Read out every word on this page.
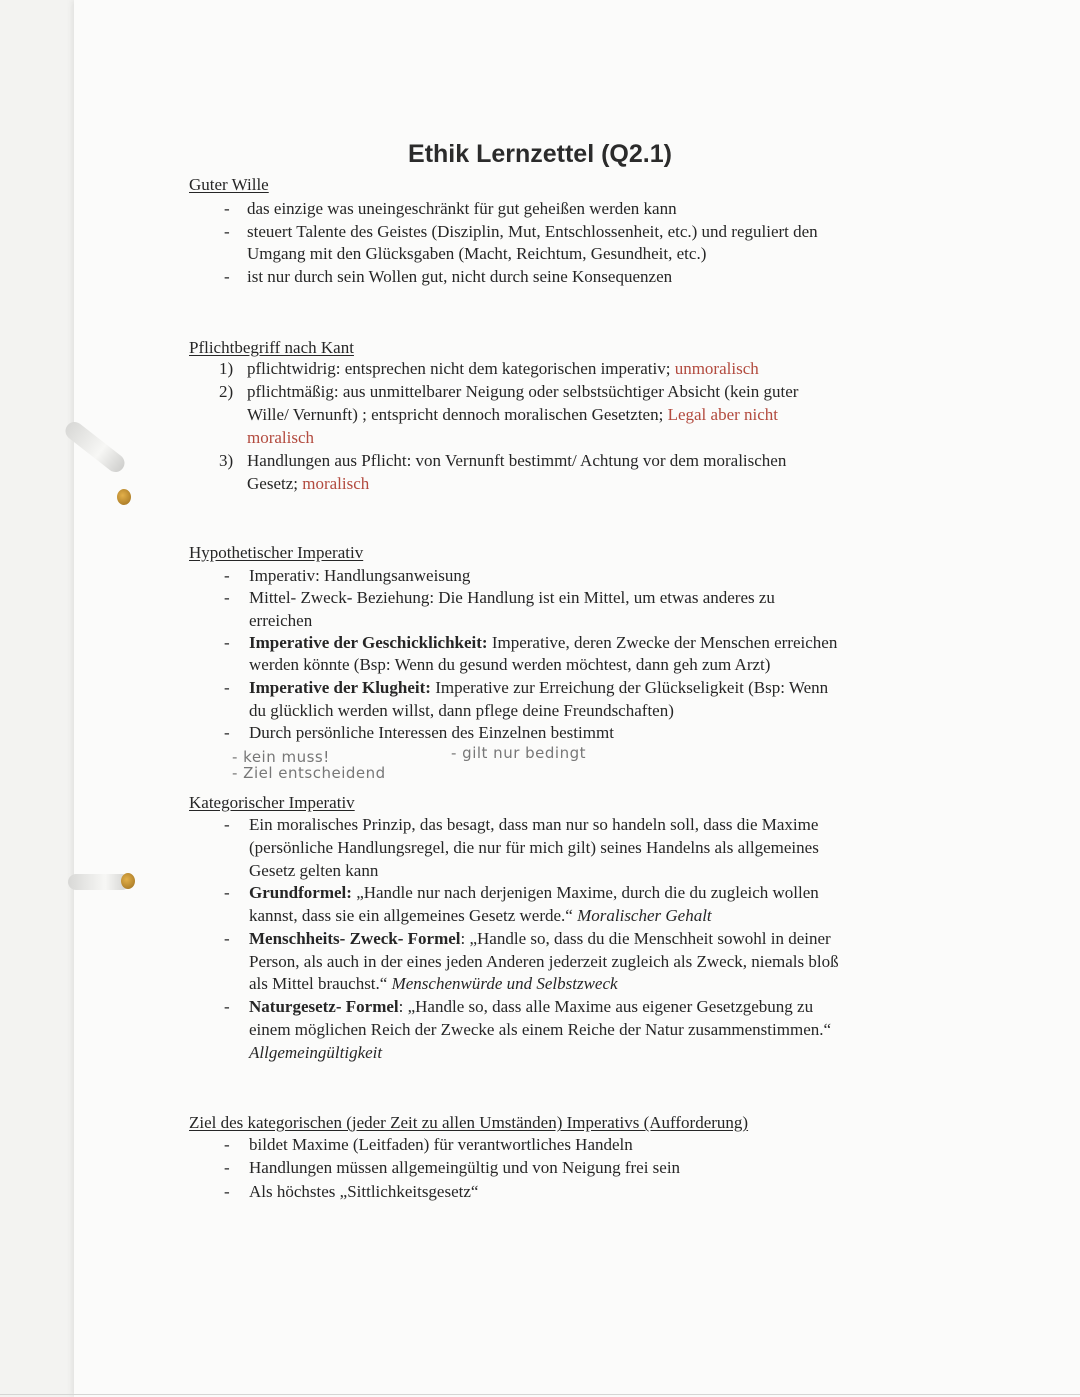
Ethik Lernzettel (Q2.1)
Guter Wille
- das einzige was uneingeschränkt für gut geheißen werden kann
- steuert Talente des Geistes (Disziplin, Mut, Entschlossenheit, etc.) und reguliert den
Umgang mit den Glücksgaben (Macht, Reichtum, Gesundheit, etc.)
- ist nur durch sein Wollen gut, nicht durch seine Konsequenzen
Pflichtbegriff nach Kant
1) pflichtwidrig: entsprechen nicht dem kategorischen imperativ; unmoralisch
2) pflichtmäßig: aus unmittelbarer Neigung oder selbstsüchtiger Absicht (kein guter
Wille/ Vernunft) ; entspricht dennoch moralischen Gesetzten; Legal aber nicht
moralisch
3) Handlungen aus Pflicht: von Vernunft bestimmt/ Achtung vor dem moralischen
Gesetz; moralisch
Hypothetischer Imperativ
- Imperativ: Handlungsanweisung
- Mittel- Zweck- Beziehung: Die Handlung ist ein Mittel, um etwas anderes zu
erreichen
- Imperative der Geschicklichkeit: Imperative, deren Zwecke der Menschen erreichen
werden könnte (Bsp: Wenn du gesund werden möchtest, dann geh zum Arzt)
- Imperative der Klugheit: Imperative zur Erreichung der Glückseligkeit (Bsp: Wenn
du glücklich werden willst, dann pflege deine Freundschaften)
- Durch persönliche Interessen des Einzelnen bestimmt
- kein muss!
- Ziel entscheidend
- gilt nur bedingt
Kategorischer Imperativ
- Ein moralisches Prinzip, das besagt, dass man nur so handeln soll, dass die Maxime
(persönliche Handlungsregel, die nur für mich gilt) seines Handelns als allgemeines
Gesetz gelten kann
- Grundformel: „Handle nur nach derjenigen Maxime, durch die du zugleich wollen
kannst, dass sie ein allgemeines Gesetz werde.“ Moralischer Gehalt
- Menschheits- Zweck- Formel: „Handle so, dass du die Menschheit sowohl in deiner
Person, als auch in der eines jeden Anderen jederzeit zugleich als Zweck, niemals bloß
als Mittel brauchst.“ Menschenwürde und Selbstzweck
- Naturgesetz- Formel: „Handle so, dass alle Maxime aus eigener Gesetzgebung zu
einem möglichen Reich der Zwecke als einem Reiche der Natur zusammenstimmen.“
Allgemeingültigkeit
Ziel des kategorischen (jeder Zeit zu allen Umständen) Imperativs (Aufforderung)
- bildet Maxime (Leitfaden) für verantwortliches Handeln
- Handlungen müssen allgemeingültig und von Neigung frei sein
- Als höchstes „Sittlichkeitsgesetz“
